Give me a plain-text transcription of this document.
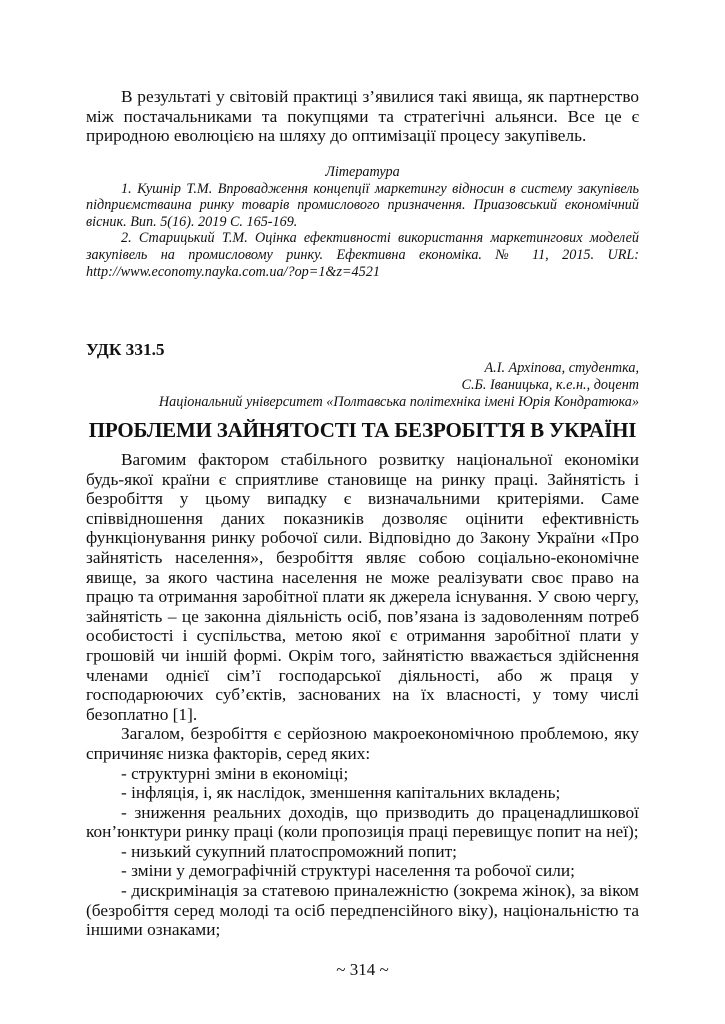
В результаті у світовій практиці з’явилися такі явища, як партнерство між постачальниками та покупцями та стратегічні альянси. Все це є природною еволюцією на шляху до оптимізації процесу закупівель.

Література

1. Кушнір Т.М. Впровадження концепції маркетингу відносин в систему закупівель підприємстваина ринку товарів промислового призначення. Приазовський економічний вісник. Вип. 5(16). 2019 С. 165-169.

2. Старицький Т.М. Оцінка ефективності використання маркетингових моделей закупівель на промисловому ринку. Ефективна економіка. № 11, 2015. URL: http://www.economy.nayka.com.ua/?op=1&z=4521

УДК 331.5

А.І. Архіпова, студентка,

С.Б. Іваницька, к.е.н., доцент

Національний університет «Полтавська політехніка імені Юрія Кондратюка»

ПРОБЛЕМИ ЗАЙНЯТОСТІ ТА БЕЗРОБІТТЯ В УКРАЇНІ

Вагомим фактором стабільного розвитку національної економіки будь-якої країни є сприятливе становище на ринку праці. Зайнятість і безробіття у цьому випадку є визначальними критеріями. Саме співвідношення даних показників дозволяє оцінити ефективність функціонування ринку робочої сили. Відповідно до Закону України «Про зайнятість населення», безробіття являє собою соціально-економічне явище, за якого частина населення не може реалізувати своє право на працю та отримання заробітної плати як джерела існування. У свою чергу, зайнятість – це законна діяльність осіб, пов’язана із задоволенням потреб особистості і суспільства, метою якої є отримання заробітної плати у грошовій чи іншій формі. Окрім того, зайнятістю вважається здійснення членами однієї сім’ї господарської діяльності, або ж праця у господарюючих суб’єктів, заснованих на їх власності, у тому числі безоплатно [1].

Загалом, безробіття є серйозною макроекономічною проблемою, яку спричиняє низка факторів, серед яких:

- структурні зміни в економіці;

- інфляція, і, як наслідок, зменшення капітальних вкладень;

- зниження реальних доходів, що призводить до праценадлишкової кон’юнктури ринку праці (коли пропозиція праці перевищує попит на неї);

- низький сукупний платоспроможний попит;

- зміни у демографічній структурі населення та робочої сили;

- дискримінація за статевою приналежністю (зокрема жінок), за віком (безробіття серед молоді та осіб передпенсійного віку), національністю та іншими ознаками;

~ 314 ~
